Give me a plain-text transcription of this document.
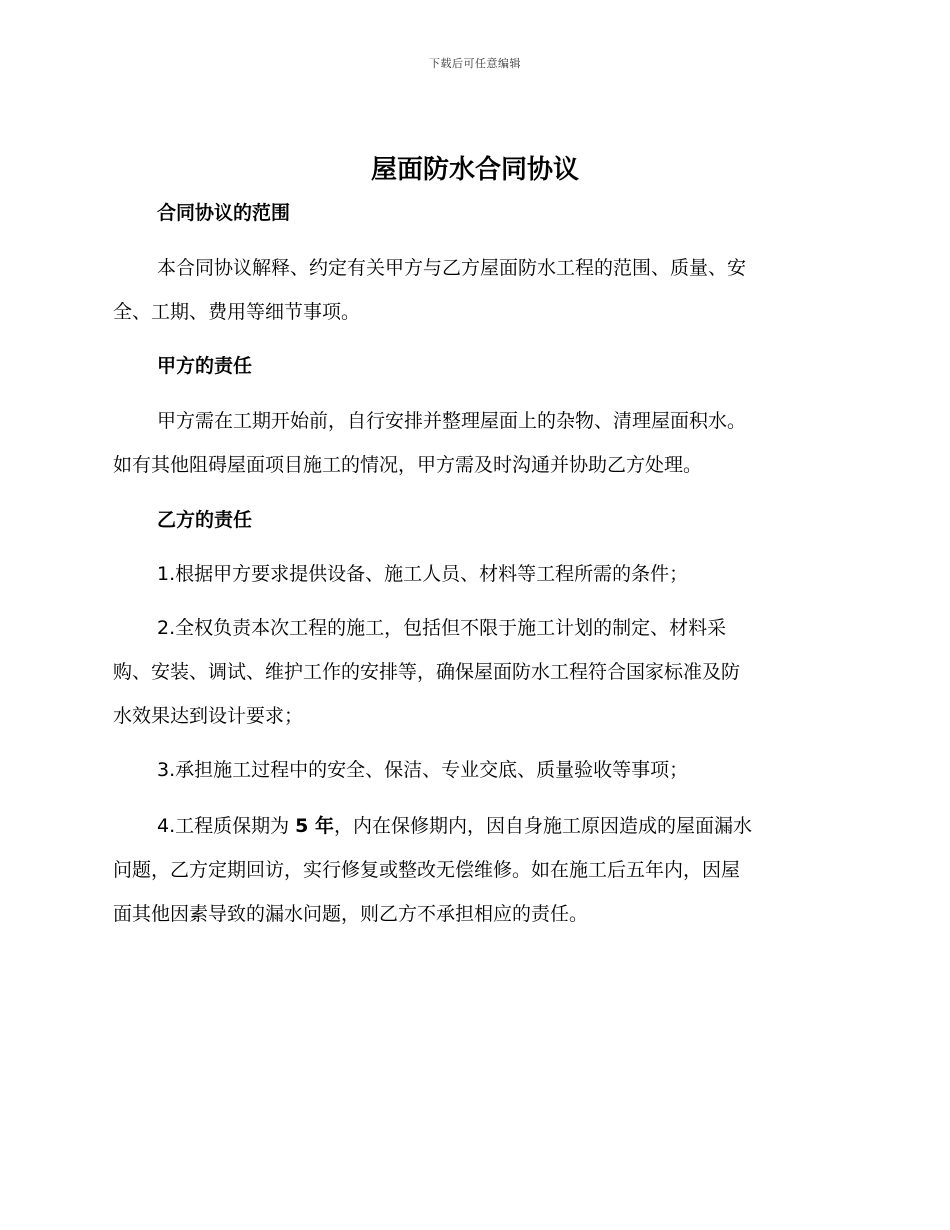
下载后可任意编辑
屋面防水合同协议
合同协议的范围
本合同协议解释、约定有关甲方与乙方屋面防水工程的范围、质量、安
全、工期、费用等细节事项。
甲方的责任
甲方需在工期开始前，自行安排并整理屋面上的杂物、清理屋面积水。
如有其他阻碍屋面项目施工的情况，甲方需及时沟通并协助乙方处理。
乙方的责任
1.根据甲方要求提供设备、施工人员、材料等工程所需的条件；
2.全权负责本次工程的施工，包括但不限于施工计划的制定、材料采
购、安装、调试、维护工作的安排等，确保屋面防水工程符合国家标准及防
水效果达到设计要求；
3.承担施工过程中的安全、保洁、专业交底、质量验收等事项；
4.工程质保期为 5 年，内在保修期内，因自身施工原因造成的屋面漏水
问题，乙方定期回访，实行修复或整改无偿维修。如在施工后五年内，因屋
面其他因素导致的漏水问题，则乙方不承担相应的责任。
